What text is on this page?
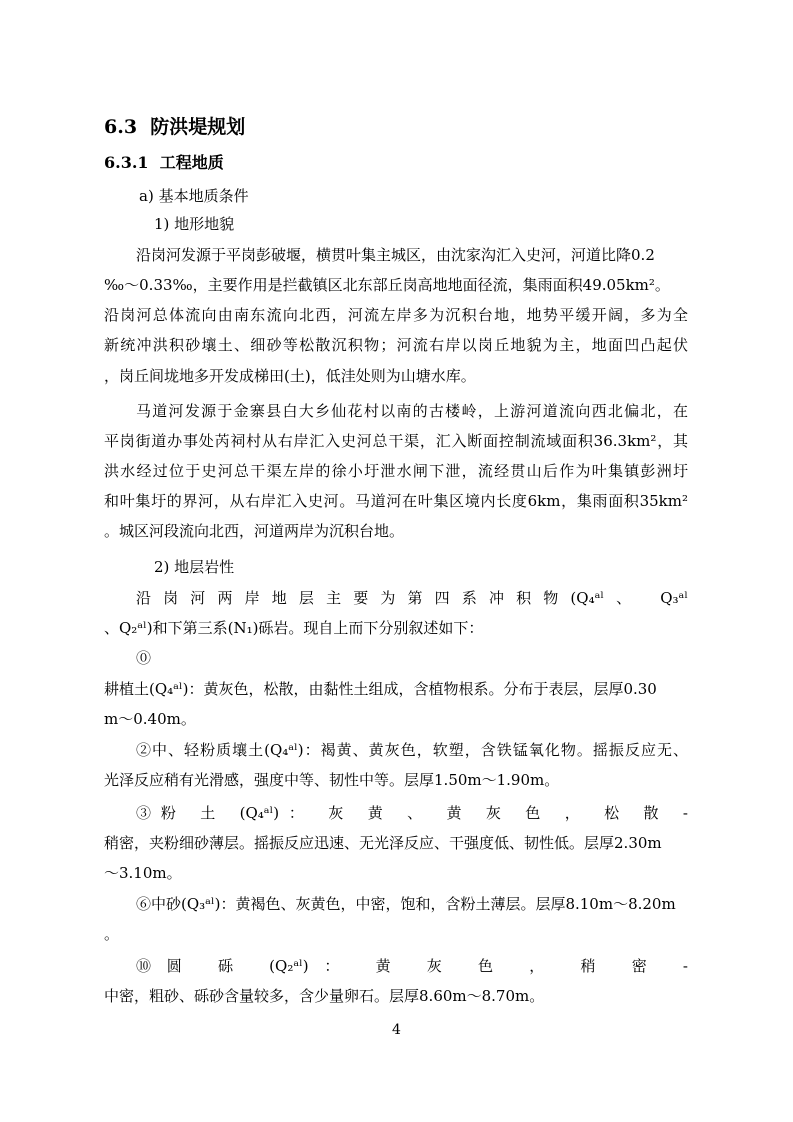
6.3 防洪堤规划
6.3.1 工程地质
a) 基本地质条件
1) 地形地貌
沿岗河发源于平岗彭破堰，横贯叶集主城区，由沈家沟汇入史河，河道比降0.2
‰～0.33‰，主要作用是拦截镇区北东部丘岗高地地面径流，集雨面积49.05km²。
沿岗河总体流向由南东流向北西，河流左岸多为沉积台地，地势平缓开阔，多为全
新统冲洪积砂壤土、细砂等松散沉积物；河流右岸以岗丘地貌为主，地面凹凸起伏
，岗丘间垅地多开发成梯田(土)，低洼处则为山塘水库。
马道河发源于金寨县白大乡仙花村以南的古楼岭，上游河道流向西北偏北，在
平岗街道办事处芮祠村从右岸汇入史河总干渠，汇入断面控制流域面积36.3km²，其
洪水经过位于史河总干渠左岸的徐小圩泄水闸下泄，流经贯山后作为叶集镇彭洲圩
和叶集圩的界河，从右岸汇入史河。马道河在叶集区境内长度6km，集雨面积35km²
。城区河段流向北西，河道两岸为沉积台地。
2) 地层岩性
沿岗河两岸地层主要为第四系冲积物(Q₄ᵃˡ、 Q₃ᵃˡ
、Q₂ᵃˡ)和下第三系(N₁)砾岩。现自上而下分别叙述如下：
⓪
耕植土(Q₄ᵃˡ)：黄灰色，松散，由黏性土组成，含植物根系。分布于表层，层厚0.30
m～0.40m。
②中、轻粉质壤土(Q₄ᵃˡ)：褐黄、黄灰色，软塑，含铁锰氧化物。摇振反应无、
光泽反应稍有光滑感，强度中等、韧性中等。层厚1.50m～1.90m。
③粉 土 (Q₄ᵃˡ)： 灰 黄 、 黄 灰 色 ， 松 散 -
稍密，夹粉细砂薄层。摇振反应迅速、无光泽反应、干强度低、韧性低。层厚2.30m
～3.10m。
⑥中砂(Q₃ᵃˡ)：黄褐色、灰黄色，中密，饱和，含粉土薄层。层厚8.10m～8.20m
。
⑩圆 砾 (Q₂ᵃˡ)： 黄 灰 色 ， 稍 密 -
中密，粗砂、砾砂含量较多，含少量卵石。层厚8.60m～8.70m。
4
